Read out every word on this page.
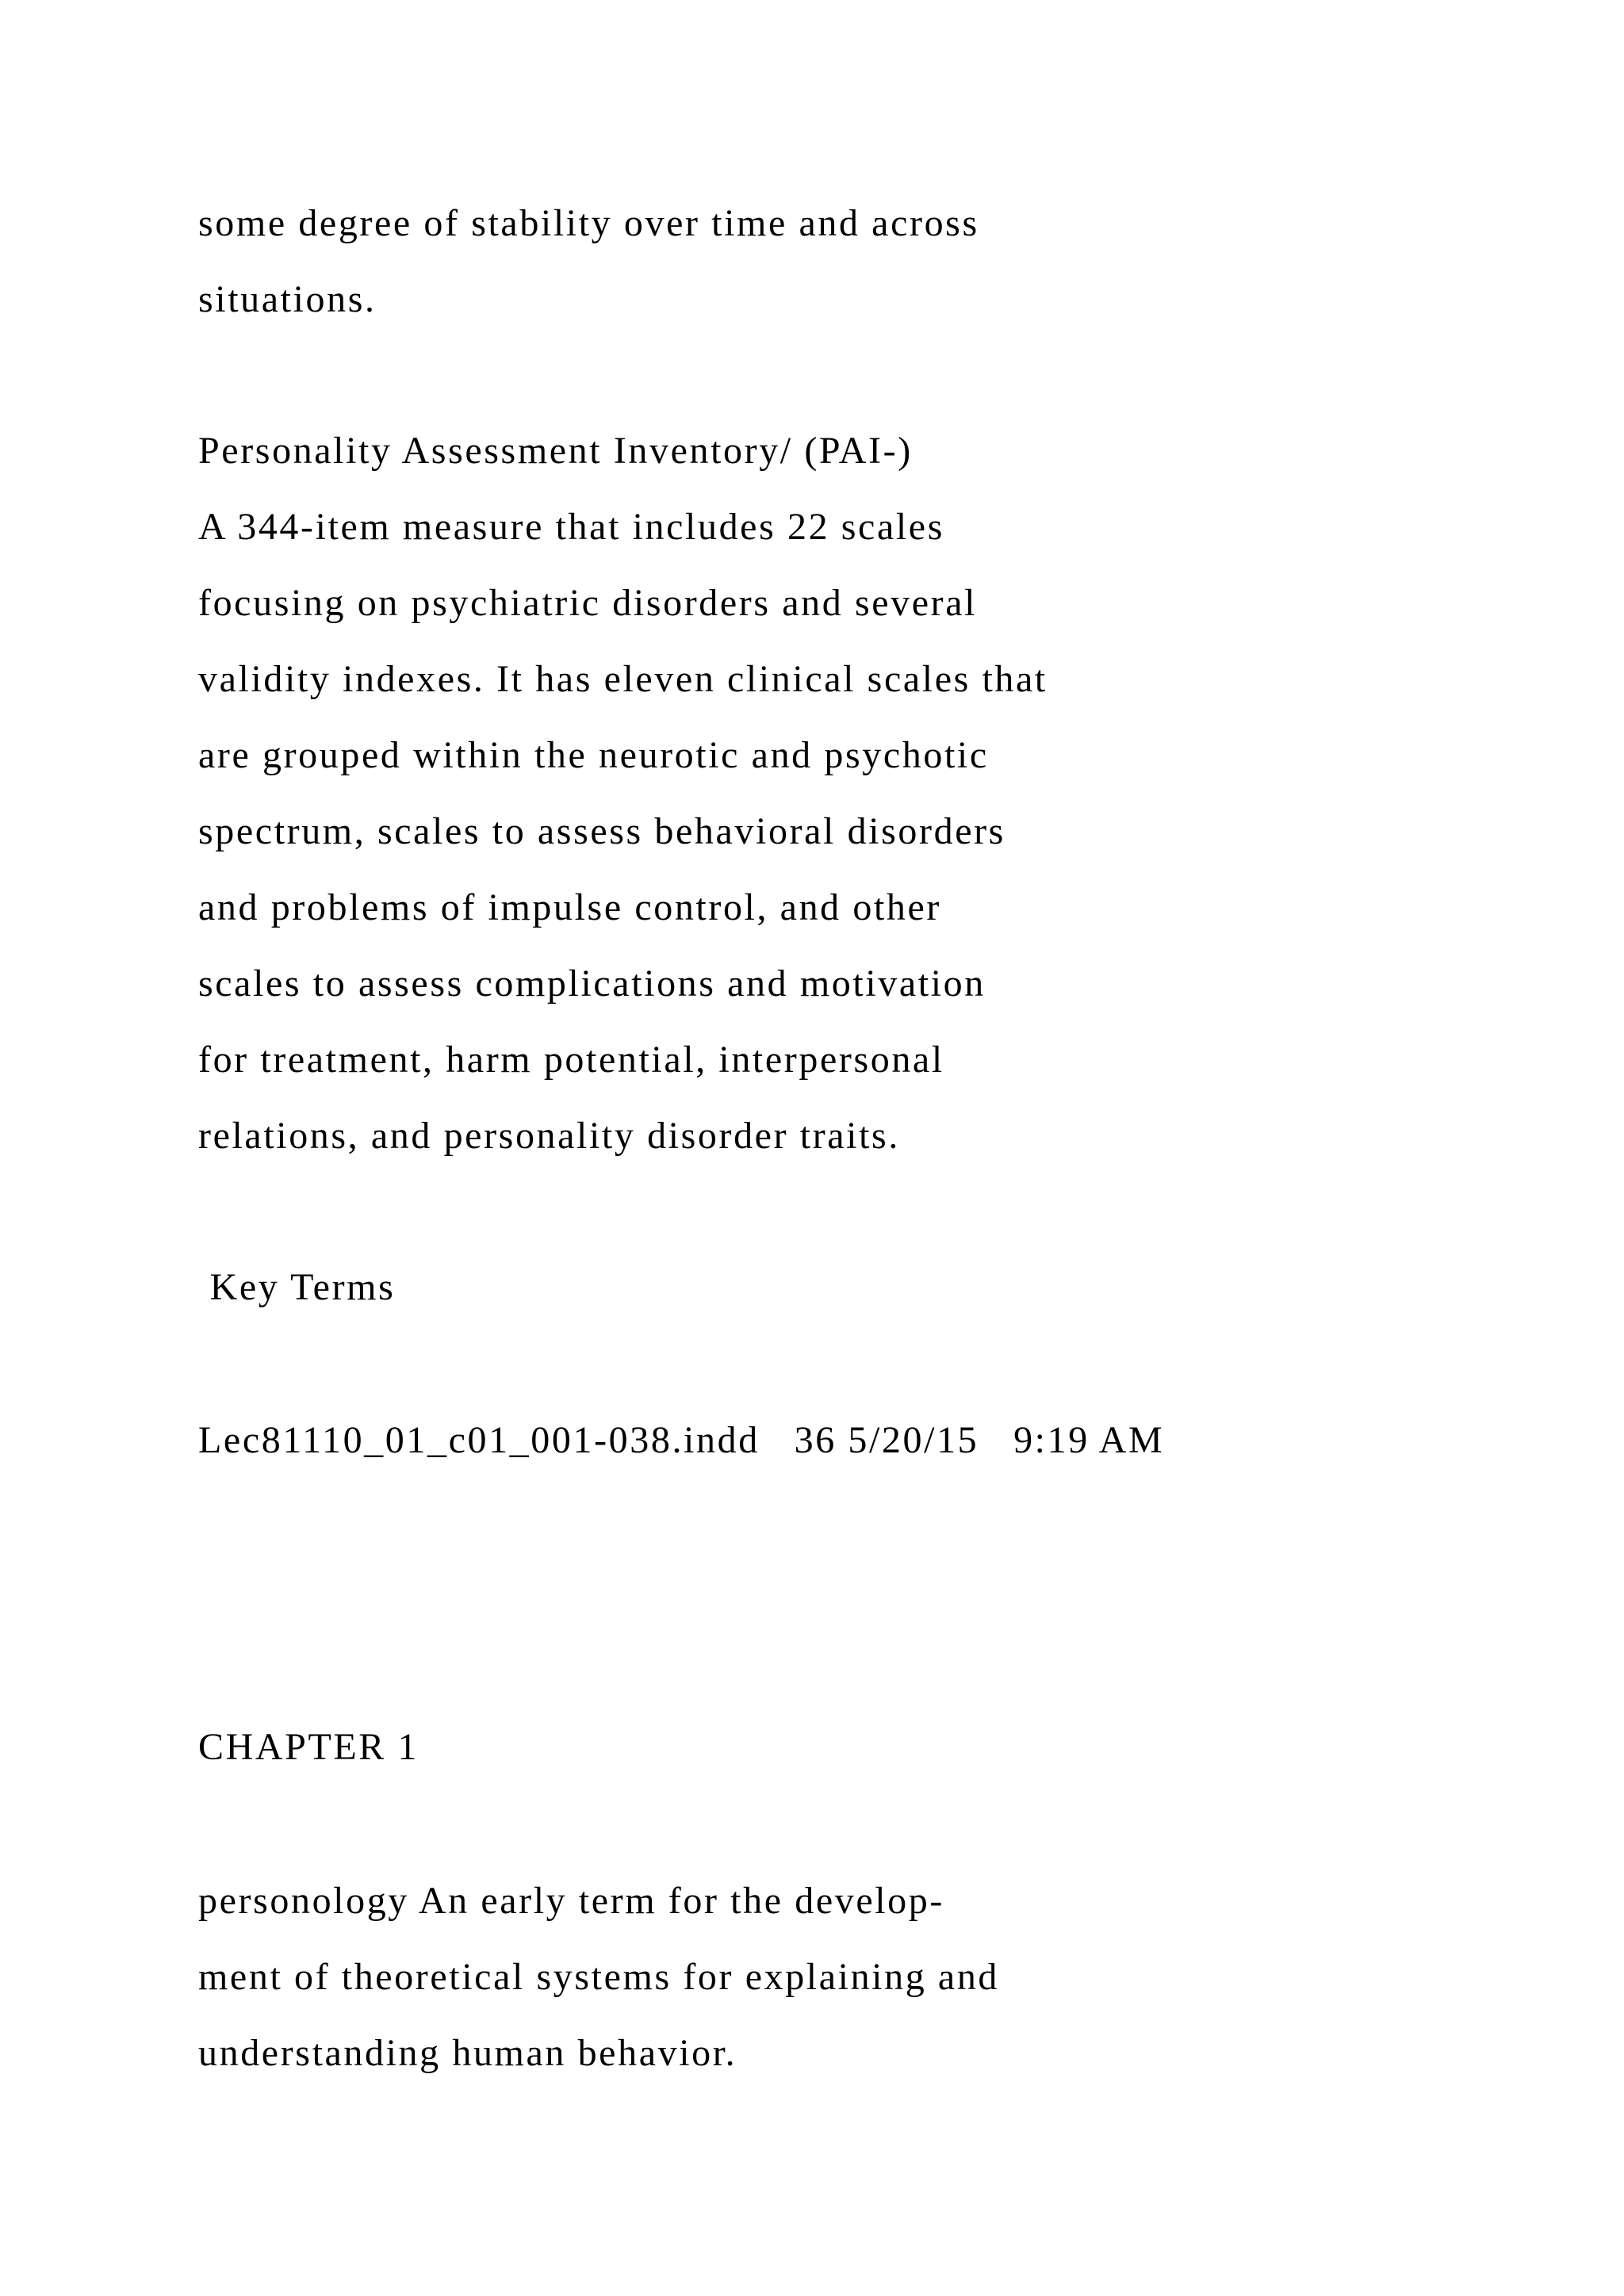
some degree of stability over time and across
situations.
Personality Assessment Inventory/ (PAI-)
A 344-item measure that includes 22 scales
focusing on psychiatric disorders and several
validity indexes. It has eleven clinical scales that
are grouped within the neurotic and psychotic
spectrum, scales to assess behavioral disorders
and problems of impulse control, and other
scales to assess complications and motivation
for treatment, harm potential, interpersonal
relations, and personality disorder traits.
Key Terms
Lec81110_01_c01_001-038.indd   36 5/20/15   9:19 AM
CHAPTER 1
personology An early term for the develop-
ment of theoretical systems for explaining and
understanding human behavior.
